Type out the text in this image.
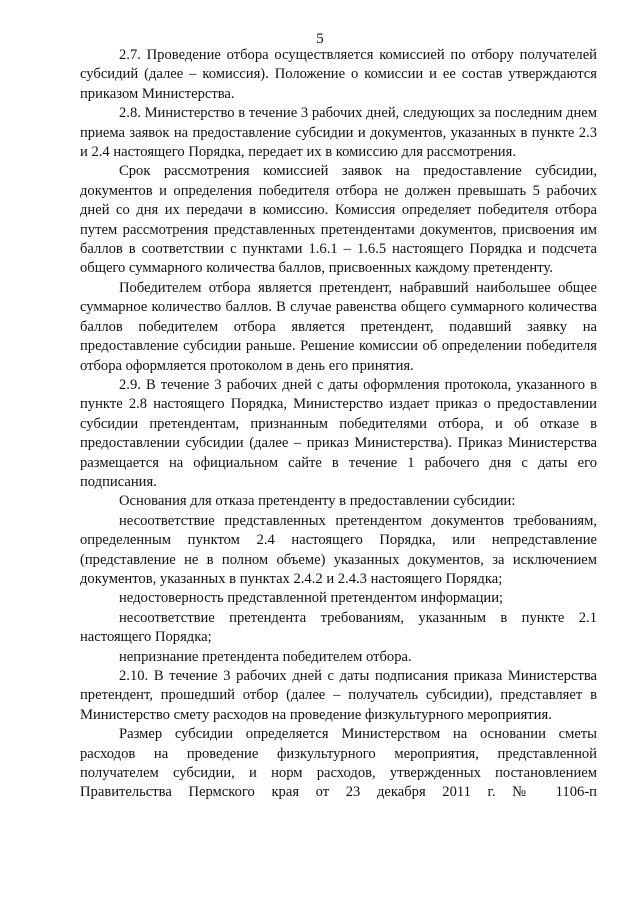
5

2.7. Проведение отбора осуществляется комиссией по отбору получателей субсидий (далее – комиссия). Положение о комиссии и ее состав утверждаются приказом Министерства.

2.8. Министерство в течение 3 рабочих дней, следующих за последним днем приема заявок на предоставление субсидии и документов, указанных в пункте 2.3 и 2.4 настоящего Порядка, передает их в комиссию для рассмотрения.

Срок рассмотрения комиссией заявок на предоставление субсидии, документов и определения победителя отбора не должен превышать 5 рабочих дней со дня их передачи в комиссию. Комиссия определяет победителя отбора путем рассмотрения представленных претендентами документов, присвоения им баллов в соответствии с пунктами 1.6.1 – 1.6.5 настоящего Порядка и подсчета общего суммарного количества баллов, присвоенных каждому претенденту.

Победителем отбора является претендент, набравший наибольшее общее суммарное количество баллов. В случае равенства общего суммарного количества баллов победителем отбора является претендент, подавший заявку на предоставление субсидии раньше. Решение комиссии об определении победителя отбора оформляется протоколом в день его принятия.

2.9. В течение 3 рабочих дней с даты оформления протокола, указанного в пункте 2.8 настоящего Порядка, Министерство издает приказ о предоставлении субсидии претендентам, признанным победителями отбора, и об отказе в предоставлении субсидии (далее – приказ Министерства). Приказ Министерства размещается на официальном сайте в течение 1 рабочего дня с даты его подписания.

Основания для отказа претенденту в предоставлении субсидии:

несоответствие представленных претендентом документов требованиям, определенным пунктом 2.4 настоящего Порядка, или непредставление (представление не в полном объеме) указанных документов, за исключением документов, указанных в пунктах 2.4.2 и 2.4.3 настоящего Порядка;

недостоверность представленной претендентом информации;

несоответствие претендента требованиям, указанным в пункте 2.1 настоящего Порядка;

непризнание претендента победителем отбора.

2.10. В течение 3 рабочих дней с даты подписания приказа Министерства претендент, прошедший отбор (далее – получатель субсидии), представляет в Министерство смету расходов на проведение физкультурного мероприятия.

Размер субсидии определяется Министерством на основании сметы расходов на проведение физкультурного мероприятия, представленной получателем субсидии, и норм расходов, утвержденных постановлением Правительства Пермского края от 23 декабря 2011 г. № 1106-п
